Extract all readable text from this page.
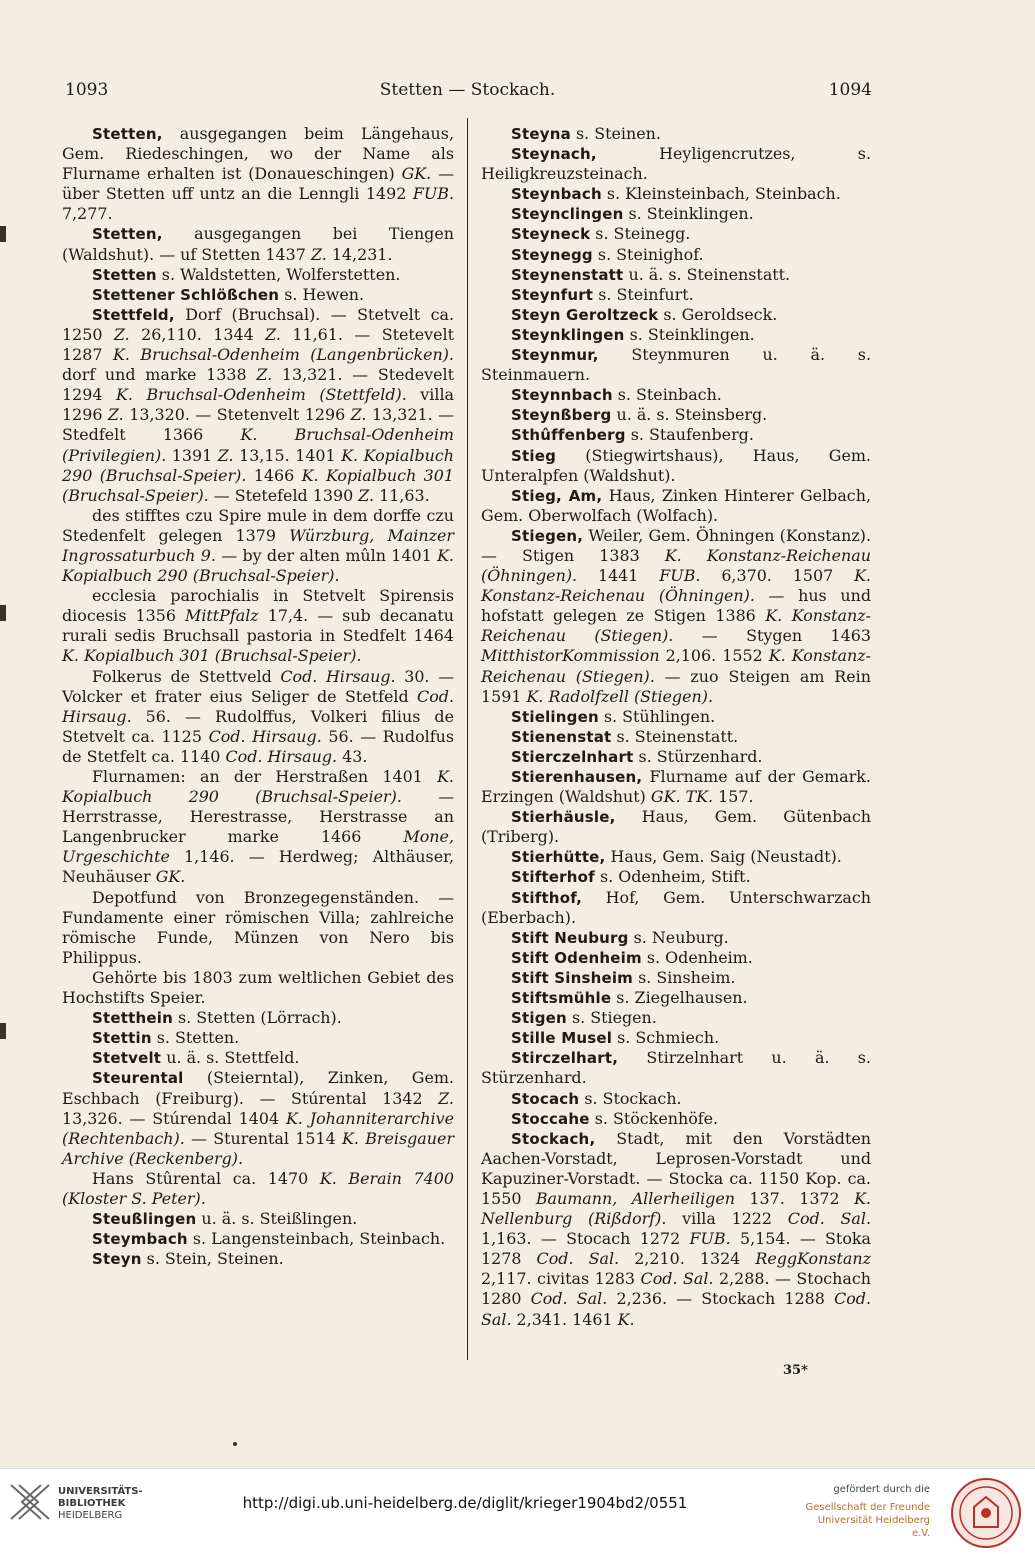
1093	Stetten — Stockach.	1094

Stetten, ausgegangen beim Längehaus, Gem. Riedeschingen, wo der Name als Flurname erhalten ist (Donaueschingen) GK. — über Stetten uff untz an die Lenngli 1492 FUB. 7,277.

Stetten, ausgegangen bei Tiengen (Waldshut). — uf Stetten 1437 Z. 14,231.

Stetten s. Waldstetten, Wolferstetten.

Stettener Schlößchen s. Hewen.

Stettfeld, Dorf (Bruchsal). — Stetvelt ca. 1250 Z. 26,110. 1344 Z. 11,61. — Stetevelt 1287 K. Bruchsal-Odenheim (Langenbrücken). dorf und marke 1338 Z. 13,321. — Stedevelt 1294 K. Bruchsal-Odenheim (Stettfeld). villa 1296 Z. 13,320. — Stetenvelt 1296 Z. 13,321. — Stedfelt 1366 K. Bruchsal-Odenheim (Privilegien). 1391 Z. 13,15. 1401 K. Kopialbuch 290 (Bruchsal-Speier). 1466 K. Kopialbuch 301 (Bruchsal-Speier). — Stetefeld 1390 Z. 11,63.

des stifftes czu Spire mule in dem dorffe czu Stedenfelt gelegen 1379 Würzburg, Mainzer Ingrossaturbuch 9. — by der alten mûln 1401 K. Kopialbuch 290 (Bruchsal-Speier).

ecclesia parochialis in Stetvelt Spirensis diocesis 1356 MittPfalz 17,4. — sub decanatu rurali sedis Bruchsall pastoria in Stedfelt 1464 K. Kopialbuch 301 (Bruchsal-Speier).

Folkerus de Stettveld Cod. Hirsaug. 30. — Volcker et frater eius Seliger de Stetfeld Cod. Hirsaug. 56. — Rudolffus, Volkeri filius de Stetvelt ca. 1125 Cod. Hirsaug. 56. — Rudolfus de Stetfelt ca. 1140 Cod. Hirsaug. 43.

Flurnamen: an der Herstraßen 1401 K. Kopialbuch 290 (Bruchsal-Speier). — Herrstrasse, Herestrasse, Herstrasse an Langenbrucker marke 1466 Mone, Urgeschichte 1,146. — Herdweg; Althäuser, Neuhäuser GK.

Depotfund von Bronzegegenständen. — Fundamente einer römischen Villa; zahlreiche römische Funde, Münzen von Nero bis Philippus.

Gehörte bis 1803 zum weltlichen Gebiet des Hochstifts Speier.

Stetthein s. Stetten (Lörrach).

Stettin s. Stetten.

Stetvelt u. ä. s. Stettfeld.

Steurental (Steierntal), Zinken, Gem. Eschbach (Freiburg). — Stúrental 1342 Z. 13,326. — Stúrendal 1404 K. Johanniterarchive (Rechtenbach). — Sturental 1514 K. Breisgauer Archive (Reckenberg).

Hans Stûrental ca. 1470 K. Berain 7400 (Kloster S. Peter).

Steußlingen u. ä. s. Steißlingen.

Steymbach s. Langensteinbach, Steinbach.

Steyn s. Stein, Steinen.

Steyna s. Steinen.

Steynach, Heyligencrutzes, s. Heiligkreuzsteinach.

Steynbach s. Kleinsteinbach, Steinbach.

Steynclingen s. Steinklingen.

Steyneck s. Steinegg.

Steynegg s. Steinighof.

Steynenstatt u. ä. s. Steinenstatt.

Steynfurt s. Steinfurt.

Steyn Geroltzeck s. Geroldseck.

Steynklingen s. Steinklingen.

Steynmur, Steynmuren u. ä. s. Steinmauern.

Steynnbach s. Steinbach.

Steynßberg u. ä. s. Steinsberg.

Sthûffenberg s. Staufenberg.

Stieg (Stiegwirtshaus), Haus, Gem. Unteralpfen (Waldshut).

Stieg, Am, Haus, Zinken Hinterer Gelbach, Gem. Oberwolfach (Wolfach).

Stiegen, Weiler, Gem. Öhningen (Konstanz). — Stigen 1383 K. Konstanz-Reichenau (Öhningen). 1441 FUB. 6,370. 1507 K. Konstanz-Reichenau (Öhningen). — hus und hofstatt gelegen ze Stigen 1386 K. Konstanz-Reichenau (Stiegen). — Stygen 1463 MitthistorKommission 2,106. 1552 K. Konstanz-Reichenau (Stiegen). — zuo Steigen am Rein 1591 K. Radolfzell (Stiegen).

Stielingen s. Stühlingen.

Stienenstat s. Steinenstatt.

Stierczelnhart s. Stürzenhard.

Stierenhausen, Flurname auf der Gemark. Erzingen (Waldshut) GK. TK. 157.

Stierhäusle, Haus, Gem. Gütenbach (Triberg).

Stierhütte, Haus, Gem. Saig (Neustadt).

Stifterhof s. Odenheim, Stift.

Stifthof, Hof, Gem. Unterschwarzach (Eberbach).

Stift Neuburg s. Neuburg.

Stift Odenheim s. Odenheim.

Stift Sinsheim s. Sinsheim.

Stiftsmühle s. Ziegelhausen.

Stigen s. Stiegen.

Stille Musel s. Schmiech.

Stirczelhart, Stirzelnhart u. ä. s. Stürzenhard.

Stocach s. Stockach.

Stoccahe s. Stöckenhöfe.

Stockach, Stadt, mit den Vorstädten Aachen-Vorstadt, Leprosen-Vorstadt und Kapuziner-Vorstadt. — Stocka ca. 1150 Kop. ca. 1550 Baumann, Allerheiligen 137. 1372 K. Nellenburg (Rißdorf). villa 1222 Cod. Sal. 1,163. — Stocach 1272 FUB. 5,154. — Stoka 1278 Cod. Sal. 2,210. 1324 ReggKonstanz 2,117. civitas 1283 Cod. Sal. 2,288. — Stochach 1280 Cod. Sal. 2,236. — Stockach 1288 Cod. Sal. 2,341. 1461 K.

35*
UNIVERSITÄTS-
BIBLIOTHEK
HEIDELBERG
http://digi.ub.uni-heidelberg.de/diglit/krieger1904bd2/0551
gefördert durch die
Gesellschaft der Freunde
Universität Heidelberg e.V.
